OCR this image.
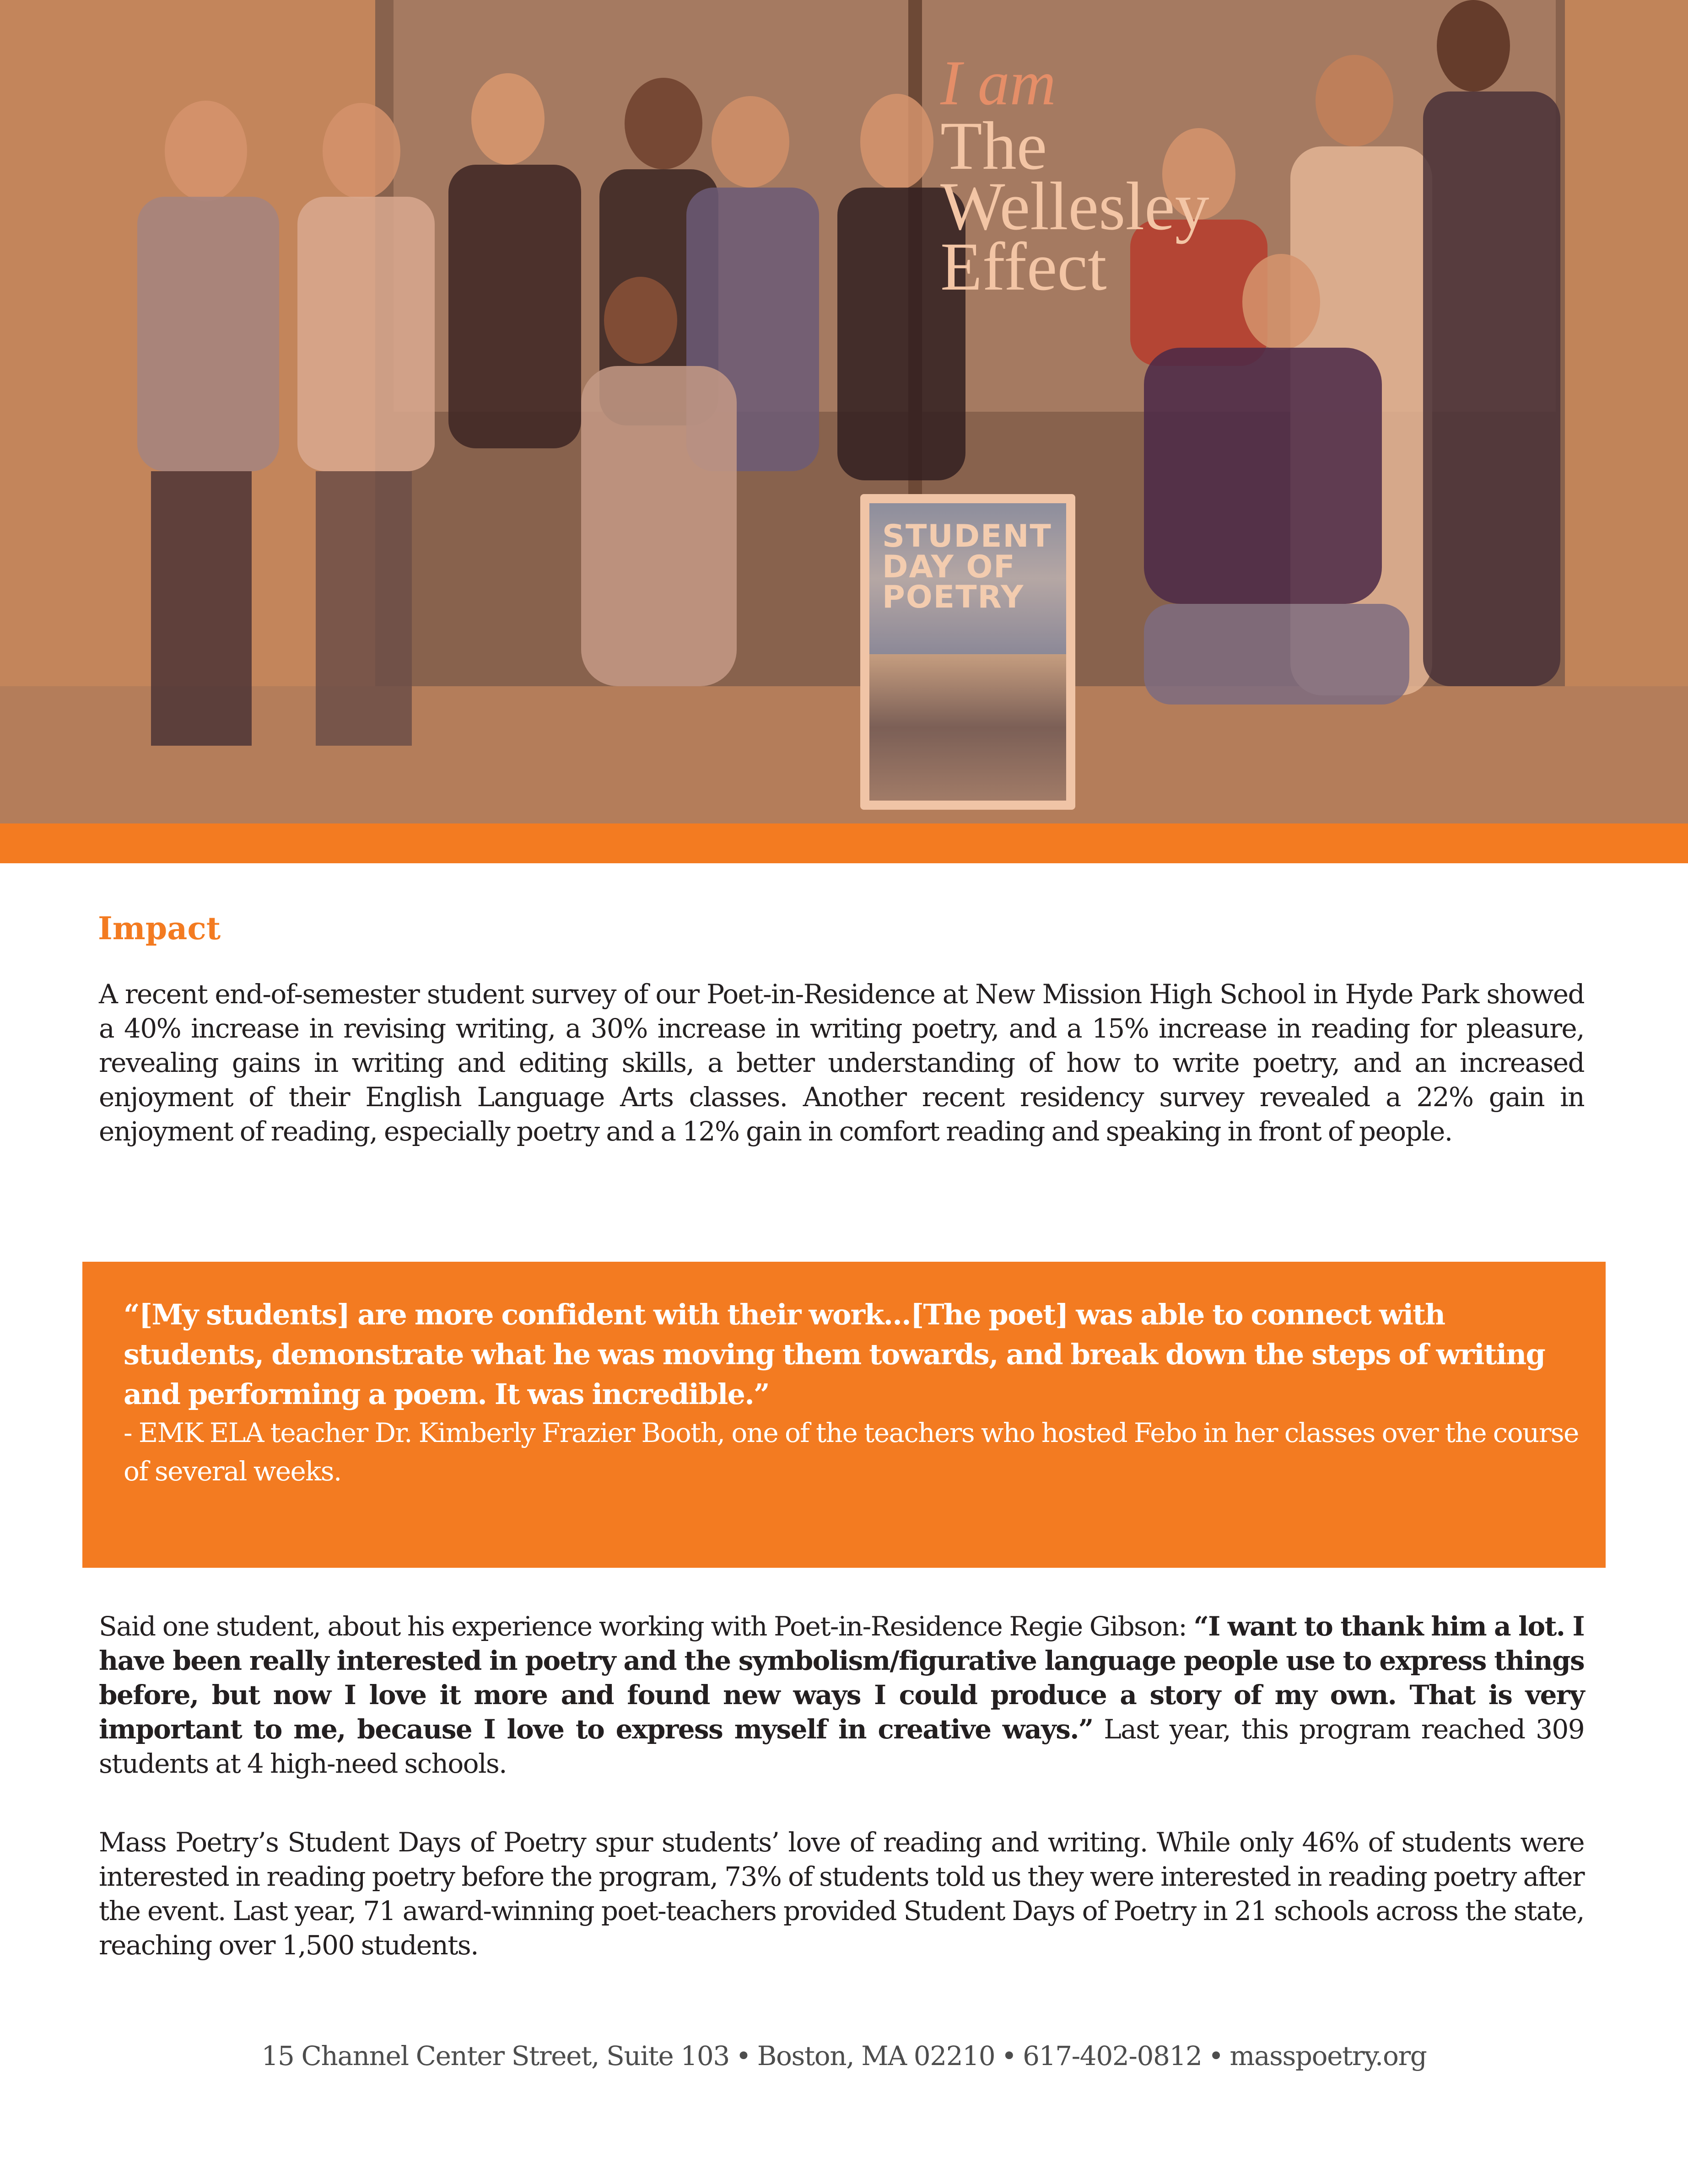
I am
The
Wellesley
Effect
STUDENT
DAY OF
POETRY
Impact

A recent end-of-semester student survey of our Poet-in-Residence at New Mission High School in Hyde Park showed a 40% increase in revising writing, a 30% increase in writing poetry, and a 15% increase in reading for pleasure, revealing gains in writing and editing skills, a better understanding of how to write poetry, and an increased enjoyment of their English Language Arts classes. Another recent residency survey revealed a 22% gain in enjoyment of reading, especially poetry and a 12% gain in comfort reading and speaking in front of people.

“[My students] are more confident with their work...[The poet] was able to connect with students, demonstrate what he was moving them towards, and break down the steps of writing and performing a poem. It was incredible.”

- EMK ELA teacher Dr. Kimberly Frazier Booth, one of the teachers who hosted Febo in her classes over the course of several weeks.

Said one student, about his experience working with Poet-in-Residence Regie Gibson: “I want to thank him a lot. I have been really interested in poetry and the symbolism/figurative language people use to express things before, but now I love it more and found new ways I could produce a story of my own. That is very important to me, because I love to express myself in creative ways.” Last year, this program reached 309 students at 4 high-need schools.

Mass Poetry’s Student Days of Poetry spur students’ love of reading and writing. While only 46% of students were interested in reading poetry before the program, 73% of students told us they were interested in reading poetry after the event. Last year, 71 award-winning poet-teachers provided Student Days of Poetry in 21 schools across the state, reaching over 1,500 students.

15 Channel Center Street, Suite 103 • Boston, MA 02210 • 617-402-0812 • masspoetry.org
